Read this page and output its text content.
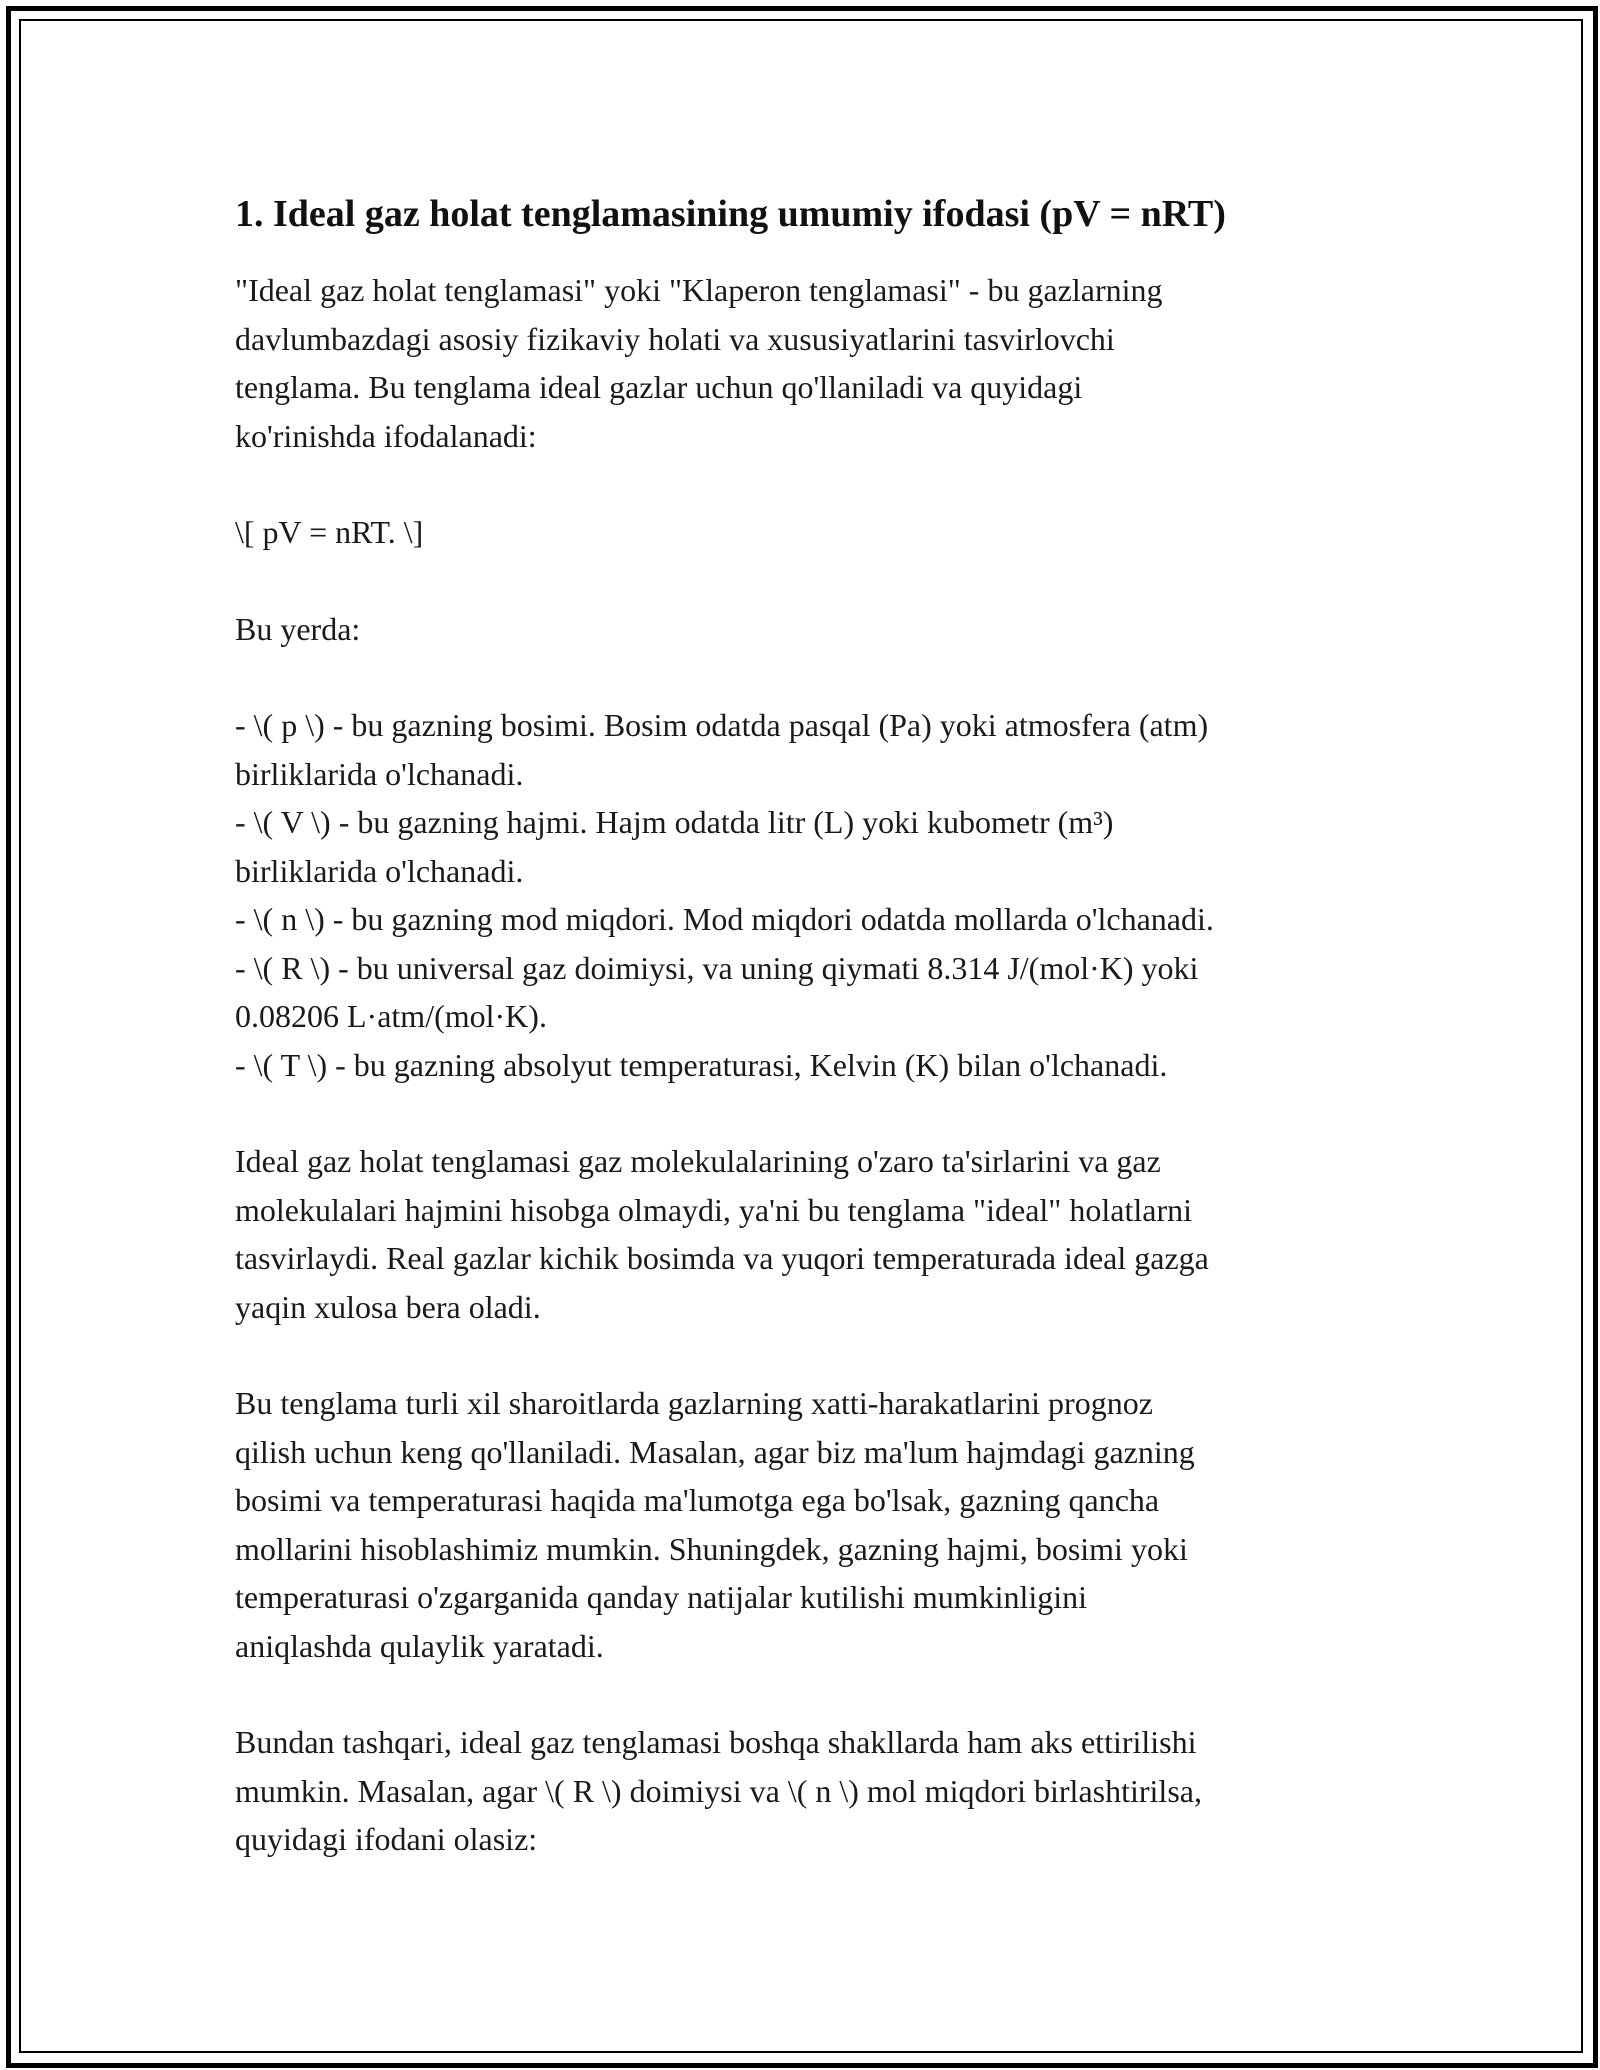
1. Ideal gaz holat tenglamasining umumiy ifodasi (pV = nRT)

"Ideal gaz holat tenglamasi" yoki "Klaperon tenglamasi" - bu gazlarning
davlumbazdagi asosiy fizikaviy holati va xususiyatlarini tasvirlovchi
tenglama. Bu tenglama ideal gazlar uchun qo'llaniladi va quyidagi
ko'rinishda ifodalanadi:

\[ pV = nRT. \]

Bu yerda:

- \( p \) - bu gazning bosimi. Bosim odatda pasqal (Pa) yoki atmosfera (atm)
birliklarida o'lchanadi.
- \( V \) - bu gazning hajmi. Hajm odatda litr (L) yoki kubometr (m³)
birliklarida o'lchanadi.
- \( n \) - bu gazning mod miqdori. Mod miqdori odatda mollarda o'lchanadi.
- \( R \) - bu universal gaz doimiysi, va uning qiymati 8.314 J/(mol·K) yoki
0.08206 L·atm/(mol·K).
- \( T \) - bu gazning absolyut temperaturasi, Kelvin (K) bilan o'lchanadi.

Ideal gaz holat tenglamasi gaz molekulalarining o'zaro ta'sirlarini va gaz
molekulalari hajmini hisobga olmaydi, ya'ni bu tenglama "ideal" holatlarni
tasvirlaydi. Real gazlar kichik bosimda va yuqori temperaturada ideal gazga
yaqin xulosa bera oladi.

Bu tenglama turli xil sharoitlarda gazlarning xatti-harakatlarini prognoz
qilish uchun keng qo'llaniladi. Masalan, agar biz ma'lum hajmdagi gazning
bosimi va temperaturasi haqida ma'lumotga ega bo'lsak, gazning qancha
mollarini hisoblashimiz mumkin. Shuningdek, gazning hajmi, bosimi yoki
temperaturasi o'zgarganida qanday natijalar kutilishi mumkinligini
aniqlashda qulaylik yaratadi.

Bundan tashqari, ideal gaz tenglamasi boshqa shakllarda ham aks ettirilishi
mumkin. Masalan, agar \( R \) doimiysi va \( n \) mol miqdori birlashtirilsa,
quyidagi ifodani olasiz:
